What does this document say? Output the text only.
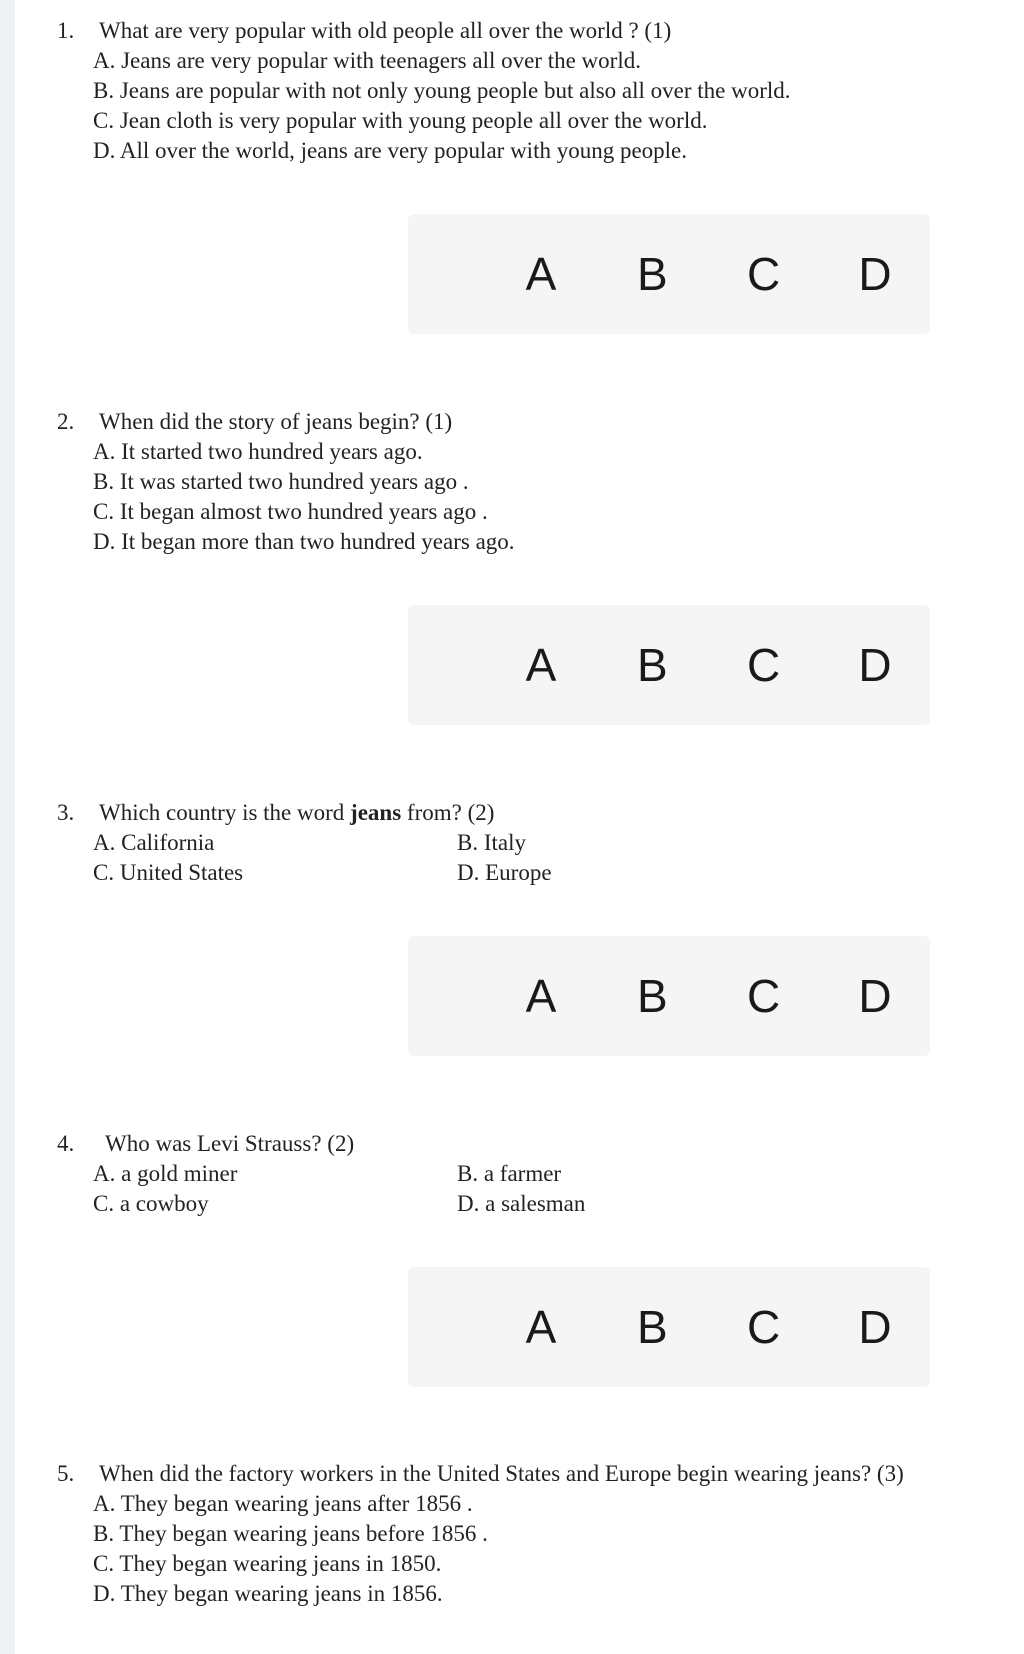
1.	What are very popular with old people all over the world ? (1)
A. Jeans are very popular with teenagers all over the world.
B. Jeans are popular with not only young people but also all over the world.
C. Jean cloth is very popular with young people all over the world.
D. All over the world, jeans are very popular with young people.
A B C D
2.	When did the story of jeans begin? (1)
A. It started two hundred years ago.
B. It was started two hundred years ago .
C. It began almost two hundred years ago .
D. It began more than two hundred years ago.
A B C D
3.	Which country is the word jeans from? (2)
A. California	B. Italy
C. United States	D. Europe
A B C D
4.	Who was Levi Strauss? (2)
A. a gold miner	B. a farmer
C. a cowboy	D. a salesman
A B C D
5.	When did the factory workers in the United States and Europe begin wearing jeans? (3)
A. They began wearing jeans after 1856 .
B. They began wearing jeans before 1856 .
C. They began wearing jeans in 1850.
D. They began wearing jeans in 1856.
